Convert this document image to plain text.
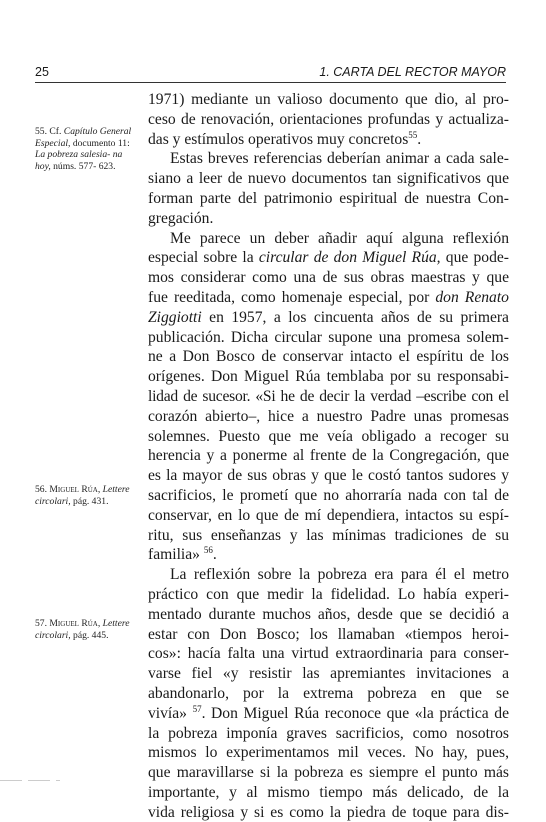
25	1. CARTA DEL RECTOR MAYOR
55. Cf. Capítulo General Especial, documento 11: La pobreza salesia- na hoy, núms. 577- 623.
56. Miguel Rúa, Lettere circolari, pág. 431.
57. Miguel Rúa, Lettere circolari, pág. 445.
1971) mediante un valioso documento que dio, al pro-
ceso de renovación, orientaciones profundas y actualiza-
das y estímulos operativos muy concretos$^{55}$.
Estas breves referencias deberían animar a cada sale-
siano a leer de nuevo documentos tan significativos que
forman parte del patrimonio espiritual de nuestra Con-
gregación.
Me parece un deber añadir aquí alguna reflexión
especial sobre la circular de don Miguel Rúa, que pode-
mos considerar como una de sus obras maestras y que
fue reeditada, como homenaje especial, por don Renato
Ziggiotti en 1957, a los cincuenta años de su primera
publicación. Dicha circular supone una promesa solem-
ne a Don Bosco de conservar intacto el espíritu de los
orígenes. Don Miguel Rúa temblaba por su responsabi-
lidad de sucesor. «Si he de decir la verdad –escribe con el
corazón abierto–, hice a nuestro Padre unas promesas
solemnes. Puesto que me veía obligado a recoger su
herencia y a ponerme al frente de la Congregación, que
es la mayor de sus obras y que le costó tantos sudores y
sacrificios, le prometí que no ahorraría nada con tal de
conservar, en lo que de mí dependiera, intactos su espí-
ritu, sus enseñanzas y las mínimas tradiciones de su
familia» $^{56}$.
La reflexión sobre la pobreza era para él el metro
práctico con que medir la fidelidad. Lo había experi-
mentado durante muchos años, desde que se decidió a
estar con Don Bosco; los llamaban «tiempos heroi-
cos»: hacía falta una virtud extraordinaria para conser-
varse fiel «y resistir las apremiantes invitaciones a
abandonarlo, por la extrema pobreza en que se
vivía» $^{57}$. Don Miguel Rúa reconoce que «la práctica de
la pobreza imponía graves sacrificios, como nosotros
mismos lo experimentamos mil veces. No hay, pues,
que maravillarse si la pobreza es siempre el punto más
importante, y al mismo tiempo más delicado, de la
vida religiosa y si es como la piedra de toque para dis-
